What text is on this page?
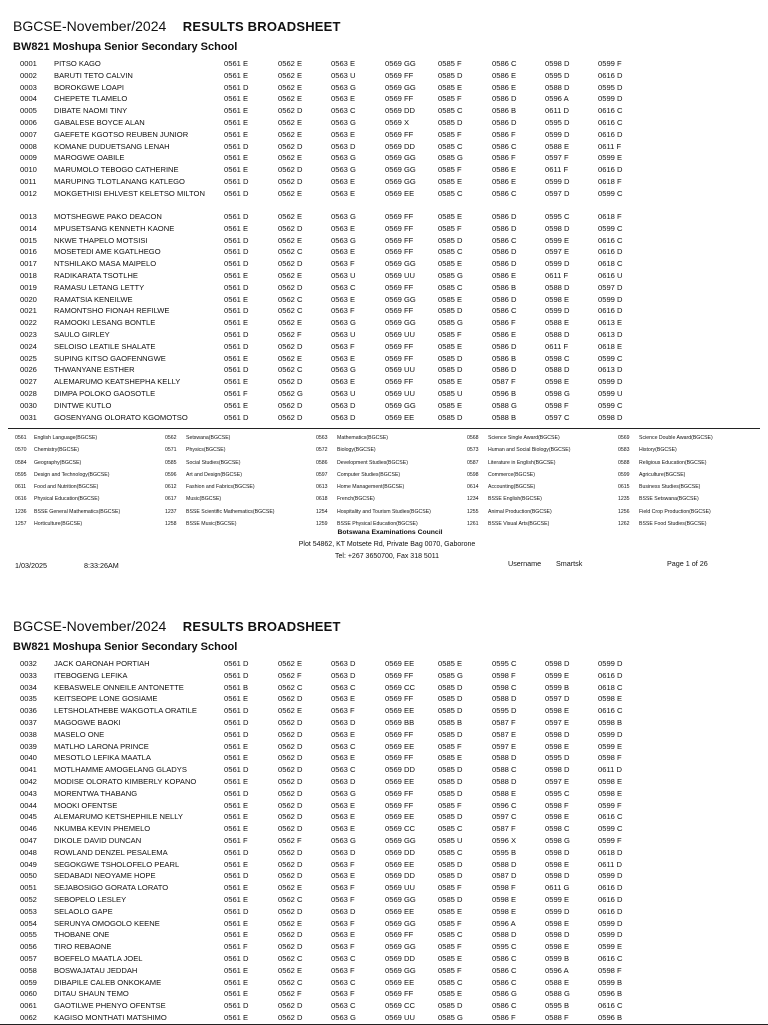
BGCSE-November/2024 RESULTS BROADSHEET
BW821 Moshupa Senior Secondary School
0001 PITSO KAGO	0561 E	0562 E	0563 E	0569 GG	0585 F	0586 C	0598 D	0599 F
0002 BARUTI TETO CALVIN	0561 E	0562 E	0563 U	0569 FF	0585 D	0586 E	0595 D	0616 D
0003 BOROKGWE LOAPI	0561 D	0562 E	0563 G	0569 GG	0585 E	0586 E	0588 D	0595 D
0004 CHEPETE TLAMELO	0561 E	0562 E	0563 E	0569 FF	0585 F	0586 D	0596 A	0599 D
0005 DIBATE NAOMI TINY	0561 E	0562 D	0563 C	0569 DD	0585 C	0586 B	0611 D	0616 C
0006 GABALESE BOYCE ALAN	0561 E	0562 E	0563 G	0569 X	0585 D	0586 D	0595 D	0616 C
0007 GAEFETE KGOTSO REUBEN JUNIOR	0561 E	0562 E	0563 E	0569 FF	0585 F	0586 F	0599 D	0616 D
0008 KOMANE DUDUETSANG LENAH	0561 D	0562 D	0563 D	0569 DD	0585 C	0586 C	0588 E	0611 F
0009 MAROGWE OABILE	0561 E	0562 E	0563 G	0569 GG	0585 G	0586 F	0597 F	0599 E
0010 MARUMOLO TEBOGO CATHERINE	0561 E	0562 D	0563 G	0569 GG	0585 F	0586 E	0611 F	0616 D
0011 MARUPING TLOTLANANG KATLEGO	0561 D	0562 D	0563 E	0569 GG	0585 E	0586 E	0599 D	0618 F
0012 MOKGETHISI EHLVEST KELETSO MILTON	0561 D	0562 E	0563 E	0569 EE	0585 C	0586 C	0597 D	0599 C
0013 MOTSHEGWE PAKO DEACON	0561 D	0562 E	0563 G	0569 FF	0585 E	0586 D	0595 C	0618 F
0014 MPUSETSANG KENNETH KAONE	0561 E	0562 D	0563 E	0569 FF	0585 F	0586 D	0598 D	0599 C
0015 NKWE THAPELO MOTSISI	0561 D	0562 E	0563 G	0569 FF	0585 D	0586 C	0599 E	0616 C
0016 MOSETEDI AME KGATLHEGO	0561 D	0562 C	0563 E	0569 FF	0585 C	0586 D	0597 E	0616 D
0017 NTSHILAKO MASA MAIPELO	0561 D	0562 D	0563 F	0569 GG	0585 E	0586 D	0599 D	0618 C
0018 RADIKARATA TSOTLHE	0561 E	0562 E	0563 U	0569 UU	0585 G	0586 E	0611 F	0616 U
0019 RAMASU LETANG LETTY	0561 D	0562 D	0563 C	0569 FF	0585 C	0586 B	0588 D	0597 D
0020 RAMATSIA KENEILWE	0561 E	0562 C	0563 E	0569 GG	0585 E	0586 D	0598 E	0599 D
0021 RAMONTSHO FIONAH REFILWE	0561 D	0562 C	0563 F	0569 FF	0585 D	0586 C	0599 D	0616 D
0022 RAMOOKI LESANG BONTLE	0561 E	0562 E	0563 G	0569 GG	0585 G	0586 F	0588 E	0613 E
0023 SAULO GIRLEY	0561 D	0562 F	0563 U	0569 UU	0585 F	0586 E	0588 D	0613 D
0024 SELOISO LEATILE SHALATE	0561 D	0562 D	0563 F	0569 FF	0585 E	0586 D	0611 F	0618 E
0025 SUPING KITSO GAOFENNGWE	0561 E	0562 E	0563 E	0569 FF	0585 D	0586 B	0598 C	0599 C
0026 THWANYANE ESTHER	0561 D	0562 C	0563 G	0569 UU	0585 D	0586 D	0588 D	0613 D
0027 ALEMARUMO KEATSHEPHA KELLY	0561 E	0562 D	0563 E	0569 FF	0585 E	0587 F	0598 E	0599 D
0028 DIMPA POLOKO GAOSOTLE	0561 F	0562 G	0563 U	0569 UU	0585 U	0596 B	0598 G	0599 U
0030 DINTWE KUTLO	0561 E	0562 D	0563 D	0569 GG	0585 E	0588 G	0598 F	0599 C
0031 GOSENYANG OLORATO KGOMOTSO	0561 D	0562 D	0563 D	0569 EE	0585 D	0588 B	0597 C	0598 D
0561 English Language(BGCSE)	0562 Setswana(BGCSE)	0563 Mathematics(BGCSE)	0568 Science Single Award(BGCSE)	0569 Science Double Award(BGCSE)
0570 Chemistry(BGCSE)	0571 Physics(BGCSE)	0572 Biology(BGCSE)	0573 Human and Social Biology(BGCSE)	0583 History(BGCSE)
0584 Geography(BGCSE)	0585 Social Studies(BGCSE)	0586 Development Studies(BGCSE)	0587 Literature in English(BGCSE)	0588 Religious Education(BGCSE)
0595 Design and Technology(BGCSE)	0596 Art and Design(BGCSE)	0597 Computer Studies(BGCSE)	0598 Commerce(BGCSE)	0599 Agriculture(BGCSE)
0611 Food and Nutrition(BGCSE)	0612 Fashion and Fabrics(BGCSE)	0613 Home Management(BGCSE)	0614 Accounting(BGCSE)	0615 Business Studies(BGCSE)
0616 Physical Education(BGCSE)	0617 Music(BGCSE)	0618 French(BGCSE)	1234 BSSE English(BGCSE)	1235 BSSE Setswana(BGCSE)
1236 BSSE General Mathematics(BGCSE)	1237 BSSE Scientific Mathematics(BGCSE)	1254 Hospitality and Tourism Studies(BGCSE)	1255 Animal Production(BGCSE)	1256 Field Crop Production(BGCSE)
1257 Horticulture(BGCSE)	1258 BSSE Music(BGCSE)	1259 BSSE Physical Education(BGCSE)	1261 BSSE Visual Arts(BGCSE)	1262 BSSE Food Studies(BGCSE)
Botswana Examinations Council
Plot 54862, KT Motsete Rd, Private Bag 0070, Gaborone
Tel: +267 3650700, Fax 318 5011
1/03/2025	8:33:26AM	Username Smartsk	Page 1 of 26
BGCSE-November/2024 RESULTS BROADSHEET
BW821 Moshupa Senior Secondary School
0032 JACK OARONAH PORTIAH	0561 D	0562 E	0563 D	0569 EE	0585 E	0595 C	0598 D	0599 D
0033 ITEBOGENG LEFIKA	0561 D	0562 F	0563 D	0569 FF	0585 G	0598 F	0599 E	0616 D
0034 KEBASWELE ONNEILE ANTONETTE	0561 B	0562 C	0563 C	0569 CC	0585 D	0598 C	0599 B	0618 C
0035 KEITSEOPE LONE GOSIAME	0561 E	0562 D	0563 E	0569 FF	0585 D	0588 D	0597 D	0598 E
0036 LETSHOLATHEBE WAKGOTLA ORATILE	0561 D	0562 E	0563 F	0569 EE	0585 D	0595 D	0598 E	0616 C
0037 MAGOGWE BAOKI	0561 D	0562 D	0563 D	0569 BB	0585 B	0587 F	0597 E	0598 B
0038 MASELO ONE	0561 D	0562 D	0563 E	0569 FF	0585 D	0587 E	0598 D	0599 D
0039 MATLHO LARONA PRINCE	0561 E	0562 D	0563 C	0569 EE	0585 F	0597 E	0598 E	0599 E
0040 MESOTLO LEFIKA MAATLA	0561 E	0562 D	0563 E	0569 FF	0585 E	0588 D	0595 D	0598 F
0041 MOTLHAMME AMOGELANG GLADYS	0561 D	0562 D	0563 C	0569 DD	0585 D	0588 C	0598 D	0611 D
0042 MODISE OLORATO KIMBERLY KOPANO	0561 E	0562 D	0563 D	0569 EE	0585 D	0588 D	0597 E	0598 E
0043 MORENTWA THABANG	0561 D	0562 D	0563 G	0569 FF	0585 D	0588 E	0595 C	0598 E
0044 MOOKI OFENTSE	0561 E	0562 D	0563 E	0569 FF	0585 F	0596 C	0598 F	0599 F
0045 ALEMARUMO KETSHEPHILE NELLY	0561 E	0562 D	0563 E	0569 EE	0585 D	0597 C	0598 E	0616 C
0046 NKUMBA KEVIN PHEMELO	0561 E	0562 D	0563 E	0569 CC	0585 C	0587 F	0598 C	0599 C
0047 DIKOLE DAVID DUNCAN	0561 F	0562 F	0563 G	0569 GG	0585 U	0596 X	0598 G	0599 F
0048 ROWLAND DENZEL PESALEMA	0561 D	0562 D	0563 D	0569 DD	0585 C	0595 B	0598 D	0618 D
0049 SEGOKGWE TSHOLOFELO PEARL	0561 E	0562 D	0563 F	0569 EE	0585 D	0588 D	0598 E	0611 D
0050 SEDABADI NEOYAME HOPE	0561 D	0562 D	0563 E	0569 DD	0585 D	0587 D	0598 D	0599 D
0051 SEJABOSIGO GORATA LORATO	0561 E	0562 E	0563 F	0569 UU	0585 F	0598 F	0611 G	0616 D
0052 SEBOPELO LESLEY	0561 E	0562 C	0563 F	0569 GG	0585 D	0598 E	0599 E	0616 D
0053 SELAOLO GAPE	0561 D	0562 D	0563 D	0569 EE	0585 E	0598 E	0599 D	0616 D
0054 SERUNYA OMOGOLO KEENE	0561 E	0562 E	0563 F	0569 GG	0585 F	0596 A	0598 E	0599 D
0055 THOBANE ONE	0561 E	0562 D	0563 E	0569 FF	0585 C	0588 D	0598 D	0599 D
0056 TIRO REBAONE	0561 F	0562 D	0563 F	0569 GG	0585 F	0595 C	0598 E	0599 E
0057 BOEFELO MAATLA JOEL	0561 D	0562 C	0563 C	0569 DD	0585 E	0586 C	0599 B	0616 C
0058 BOSWAJATAU JEDDAH	0561 E	0562 E	0563 F	0569 GG	0585 F	0586 C	0596 A	0598 F
0059 DIBAPILE CALEB ONKOKAME	0561 E	0562 C	0563 C	0569 EE	0585 C	0586 C	0588 E	0599 B
0060 DITAU SHAUN TEMO	0561 E	0562 F	0563 F	0569 FF	0585 E	0586 G	0588 G	0596 B
0061 GAOTILWE PHENYO OFENTSE	0561 D	0562 D	0563 C	0569 CC	0585 D	0586 C	0595 B	0616 C
0062 KAGISO MONTHATI MATSHIMO	0561 E	0562 D	0563 G	0569 UU	0585 G	0586 F	0588 F	0596 B
